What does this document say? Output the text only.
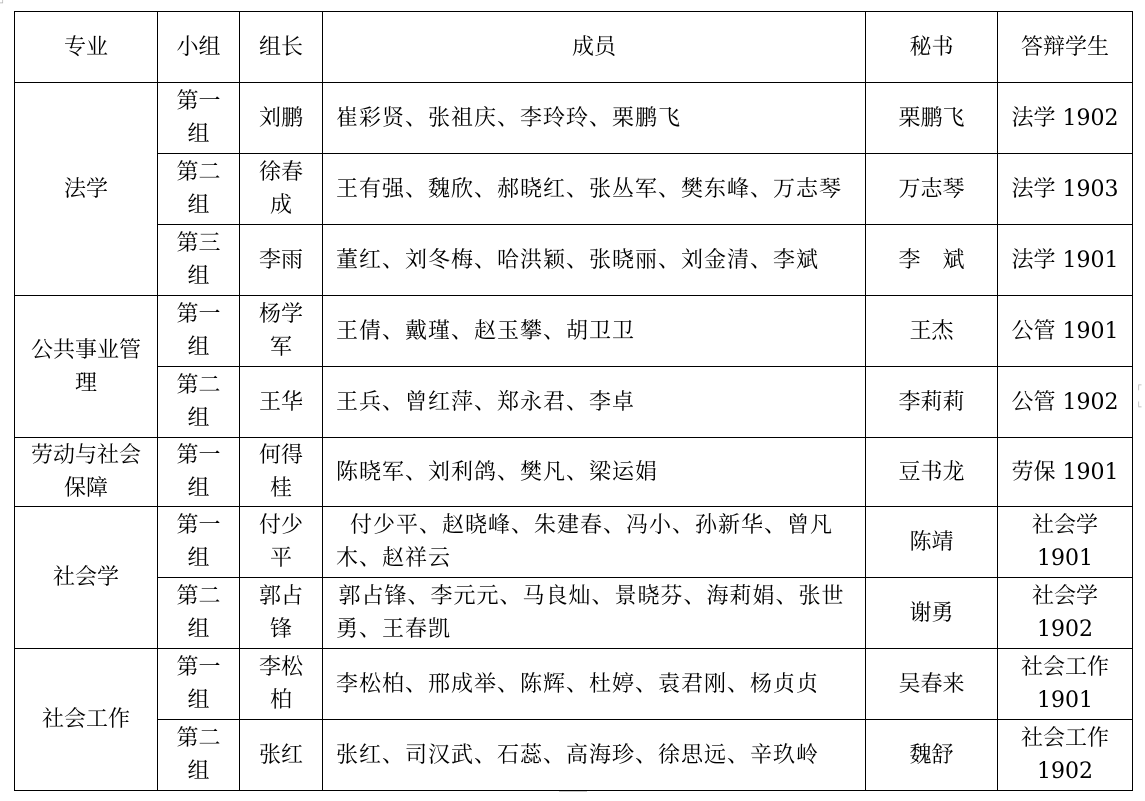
┘
┌
└
专业	小组	组长	成员	秘书	答辩学生
法学	第一组	刘鹏	崔彩贤、张祖庆、李玲玲、栗鹏飞	栗鹏飞	法学 1902
	第二组	徐春成	王有强、魏欣、郝晓红、张丛军、樊东峰、万志琴	万志琴	法学 1903
	第三组	李雨	董红、刘冬梅、哈洪颖、张晓丽、刘金清、李斌	李　斌	法学 1901
公共事业管理	第一组	杨学军	王倩、戴瑾、赵玉攀、胡卫卫	王杰	公管 1901
	第二组	王华	王兵、曾红萍、郑永君、李卓	李莉莉	公管 1902
劳动与社会保障	第一组	何得桂	陈晓军、刘利鸽、樊凡、梁运娟	豆书龙	劳保 1901
社会学	第一组	付少平	付少平、赵晓峰、朱建春、冯小、孙新华、曾凡木、赵祥云	陈靖	社会学 1901
	第二组	郭占锋	郭占锋、李元元、马良灿、景晓芬、海莉娟、张世勇、王春凯	谢勇	社会学 1902
社会工作	第一组	李松柏	李松柏、邢成举、陈辉、杜婷、袁君刚、杨贞贞	吴春来	社会工作 1901
	第二组	张红	张红、司汉武、石蕊、高海珍、徐思远、辛玖岭	魏舒	社会工作 1902
